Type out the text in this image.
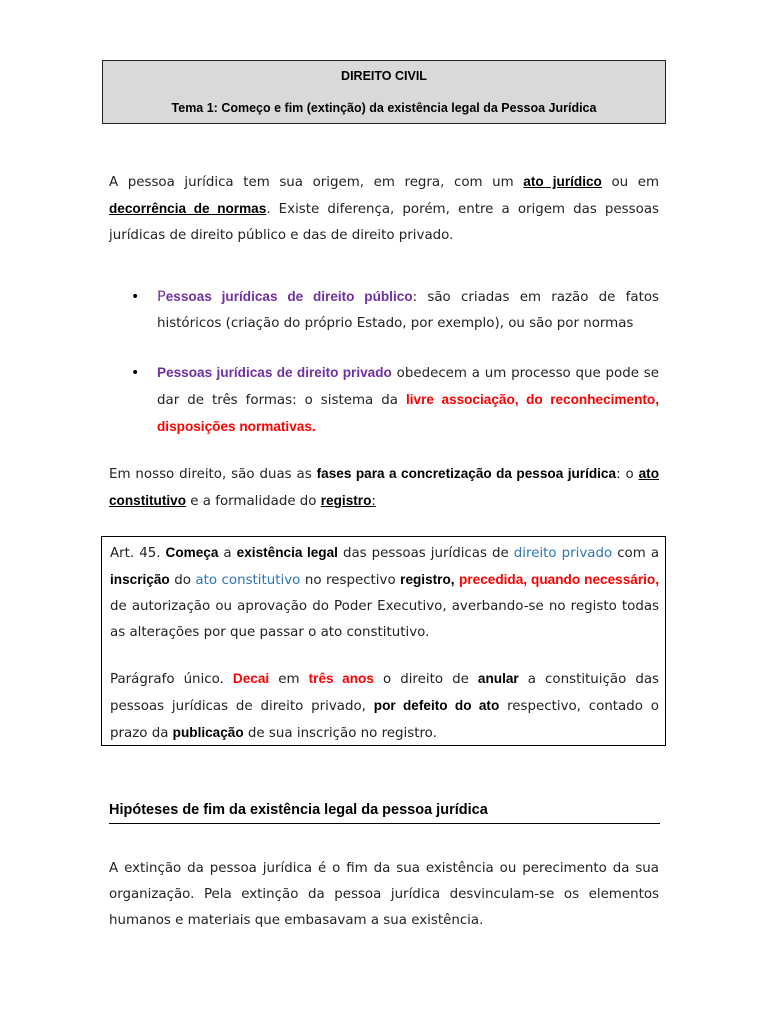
DIREITO CIVIL
Tema 1: Começo e fim (extinção) da existência legal da Pessoa Jurídica

A pessoa jurídica tem sua origem, em regra, com um ato jurídico ou em decorrência de normas. Existe diferença, porém, entre a origem das pessoas jurídicas de direito público e das de direito privado.

• Pessoas jurídicas de direito público: são criadas em razão de fatos históricos (criação do próprio Estado, por exemplo), ou são por normas

• Pessoas jurídicas de direito privado obedecem a um processo que pode se dar de três formas: o sistema da livre associação, do reconhecimento, disposições normativas.

Em nosso direito, são duas as fases para a concretização da pessoa jurídica: o ato constitutivo e a formalidade do registro:

Art. 45. Começa a existência legal das pessoas jurídicas de direito privado com a inscrição do ato constitutivo no respectivo registro, precedida, quando necessário, de autorização ou aprovação do Poder Executivo, averbando-se no registo todas as alterações por que passar o ato constitutivo.

Parágrafo único. Decai em três anos o direito de anular a constituição das pessoas jurídicas de direito privado, por defeito do ato respectivo, contado o prazo da publicação de sua inscrição no registro.

Hipóteses de fim da existência legal da pessoa jurídica

A extinção da pessoa jurídica é o fim da sua existência ou perecimento da sua organização. Pela extinção da pessoa jurídica desvinculam-se os elementos humanos e materiais que embasavam a sua existência.
